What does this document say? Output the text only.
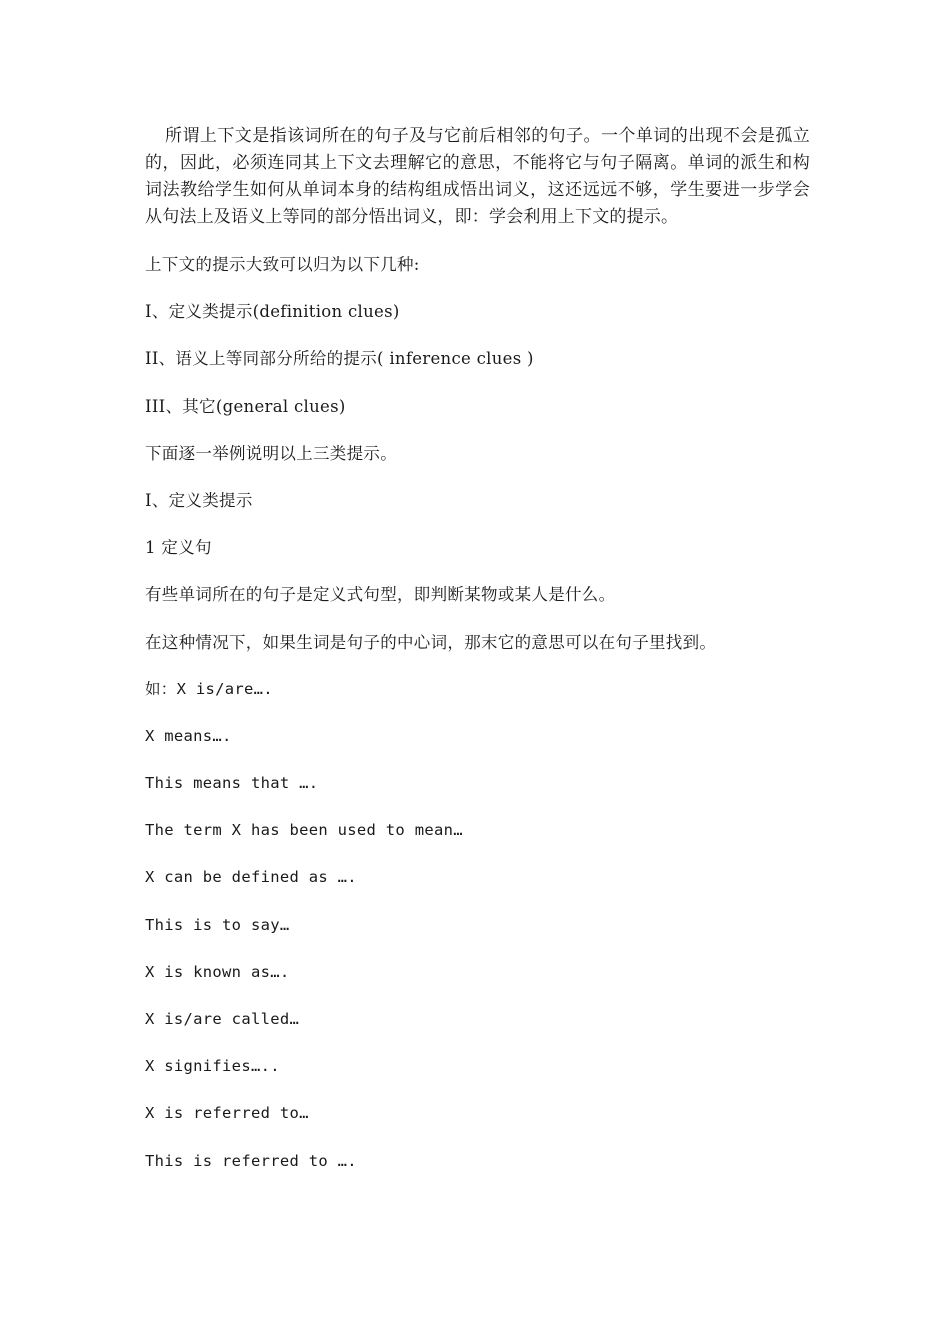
所谓上下文是指该词所在的句子及与它前后相邻的句子。一个单词的出现不会是孤立的，因此，必须连同其上下文去理解它的意思，不能将它与句子隔离。单词的派生和构词法教给学生如何从单词本身的结构组成悟出词义，这还远远不够，学生要进一步学会从句法上及语义上等同的部分悟出词义，即：学会利用上下文的提示。

上下文的提示大致可以归为以下几种:

I、定义类提示(definition clues)

II、语义上等同部分所给的提示( inference clues )

III、其它(general clues)

下面逐一举例说明以上三类提示。

I、定义类提示

1 定义句

有些单词所在的句子是定义式句型，即判断某物或某人是什么。

在这种情况下，如果生词是句子的中心词，那末它的意思可以在句子里找到。

如：X is/are….

X means….

This means that ….

The term X has been used to mean…

X can be defined as ….

This is to say…

X is known as….

X is/are called…

X signifies…..

X is referred to…

This is referred to ….
